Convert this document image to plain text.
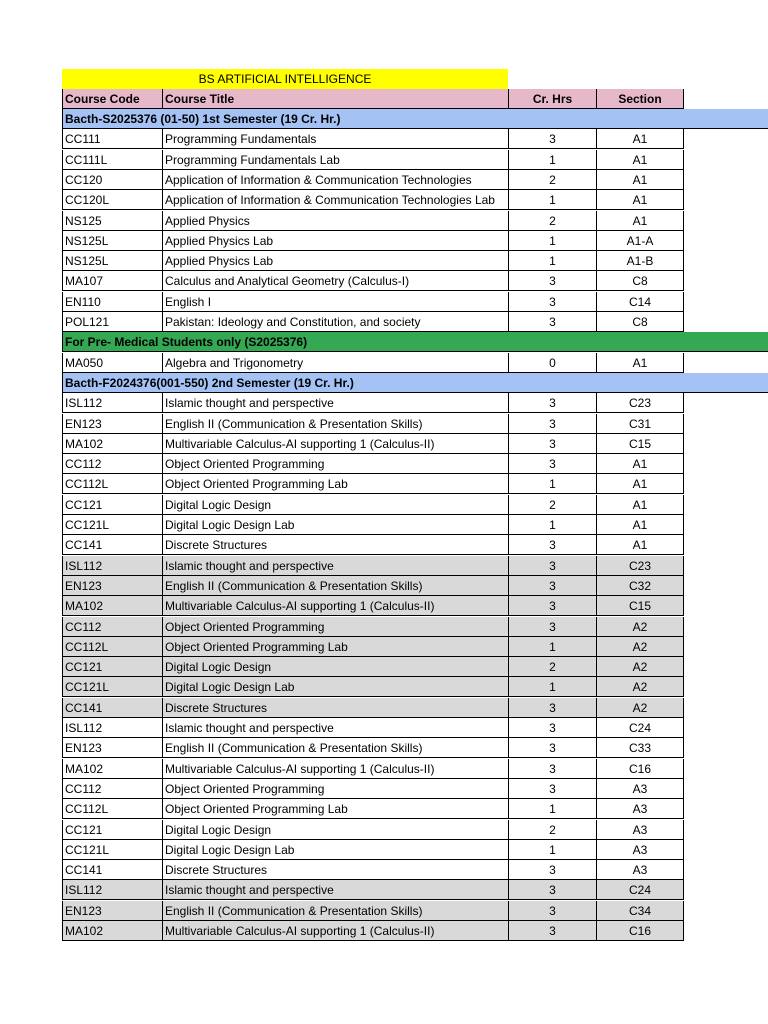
BS ARTIFICIAL INTELLIGENCE
Course Code	Course Title	Cr. Hrs	Section
Bacth-S2025376 (01-50) 1st Semester (19 Cr. Hr.)
CC111	Programming Fundamentals	3	A1
CC111L	Programming Fundamentals Lab	1	A1
CC120	Application of Information & Communication Technologies	2	A1
CC120L	Application of Information & Communication Technologies Lab	1	A1
NS125	Applied Physics	2	A1
NS125L	Applied Physics Lab	1	A1-A
NS125L	Applied Physics Lab	1	A1-B
MA107	Calculus and Analytical Geometry (Calculus-I)	3	C8
EN110	English I	3	C14
POL121	Pakistan: Ideology and Constitution, and society	3	C8
For Pre- Medical Students only (S2025376)
MA050	Algebra and Trigonometry	0	A1
Bacth-F2024376(001-550) 2nd Semester (19 Cr. Hr.)
ISL112	Islamic thought and perspective	3	C23
EN123	English II (Communication & Presentation Skills)	3	C31
MA102	Multivariable Calculus-AI supporting 1 (Calculus-II)	3	C15
CC112	Object Oriented Programming	3	A1
CC112L	Object Oriented Programming Lab	1	A1
CC121	Digital Logic Design	2	A1
CC121L	Digital Logic Design Lab	1	A1
CC141	Discrete Structures	3	A1
ISL112	Islamic thought and perspective	3	C23
EN123	English II (Communication & Presentation Skills)	3	C32
MA102	Multivariable Calculus-AI supporting 1 (Calculus-II)	3	C15
CC112	Object Oriented Programming	3	A2
CC112L	Object Oriented Programming Lab	1	A2
CC121	Digital Logic Design	2	A2
CC121L	Digital Logic Design Lab	1	A2
CC141	Discrete Structures	3	A2
ISL112	Islamic thought and perspective	3	C24
EN123	English II (Communication & Presentation Skills)	3	C33
MA102	Multivariable Calculus-AI supporting 1 (Calculus-II)	3	C16
CC112	Object Oriented Programming	3	A3
CC112L	Object Oriented Programming Lab	1	A3
CC121	Digital Logic Design	2	A3
CC121L	Digital Logic Design Lab	1	A3
CC141	Discrete Structures	3	A3
ISL112	Islamic thought and perspective	3	C24
EN123	English II (Communication & Presentation Skills)	3	C34
MA102	Multivariable Calculus-AI supporting 1 (Calculus-II)	3	C16
